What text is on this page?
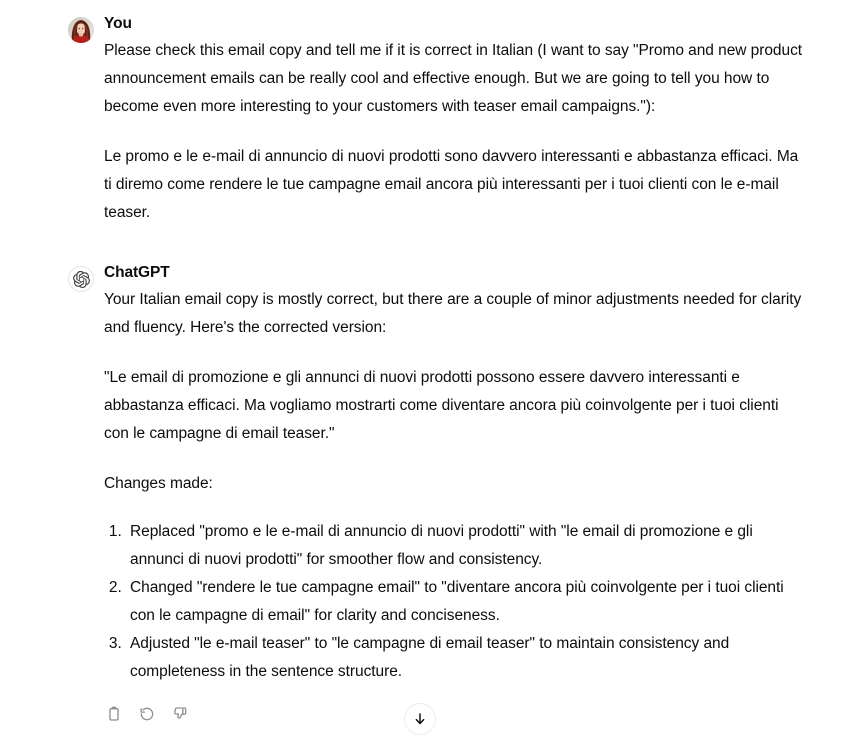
You

Please check this email copy and tell me if it is correct in Italian (I want to say "Promo and new product announcement emails can be really cool and effective enough. But we are going to tell you how to become even more interesting to your customers with teaser email campaigns."):

Le promo e le e-mail di annuncio di nuovi prodotti sono davvero interessanti e abbastanza efficaci. Ma ti diremo come rendere le tue campagne email ancora più interessanti per i tuoi clienti con le e-mail teaser.

ChatGPT

Your Italian email copy is mostly correct, but there are a couple of minor adjustments needed for clarity and fluency. Here's the corrected version:

"Le email di promozione e gli annunci di nuovi prodotti possono essere davvero interessanti e abbastanza efficaci. Ma vogliamo mostrarti come diventare ancora più coinvolgente per i tuoi clienti con le campagne di email teaser."

Changes made:

1. Replaced "promo e le e-mail di annuncio di nuovi prodotti" with "le email di promozione e gli annunci di nuovi prodotti" for smoother flow and consistency.
2. Changed "rendere le tue campagne email" to "diventare ancora più coinvolgente per i tuoi clienti con le campagne di email" for clarity and conciseness.
3. Adjusted "le e-mail teaser" to "le campagne di email teaser" to maintain consistency and completeness in the sentence structure.
